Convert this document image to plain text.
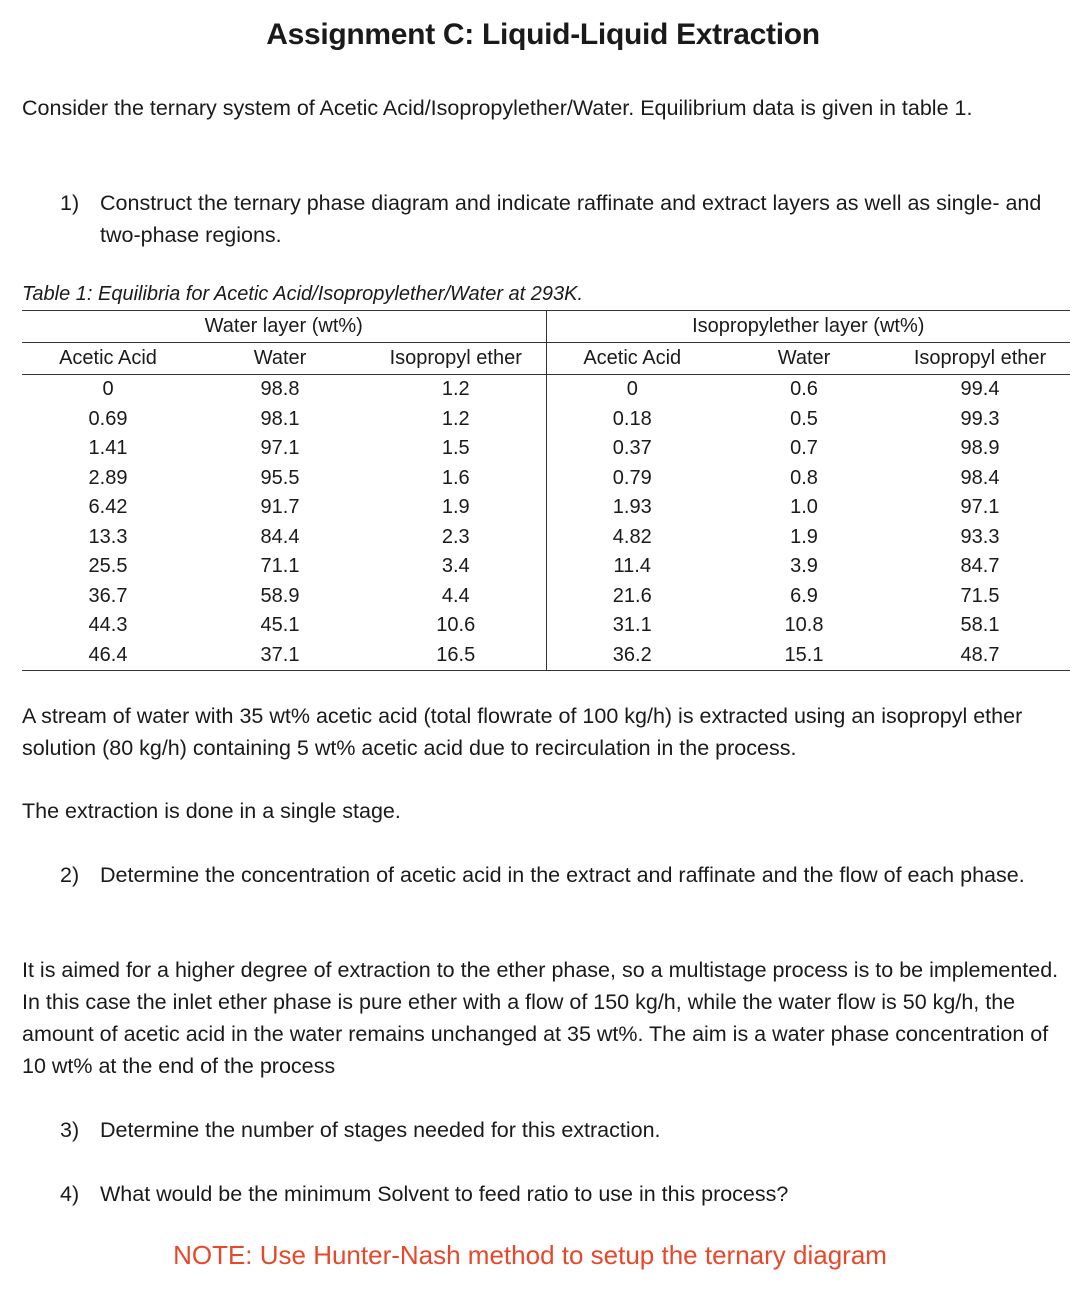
Assignment C: Liquid-Liquid Extraction
Consider the ternary system of Acetic Acid/Isopropylether/Water. Equilibrium data is given in table 1.
1) Construct the ternary phase diagram and indicate raffinate and extract layers as well as single- and two-phase regions.
Table 1: Equilibria for Acetic Acid/Isopropylether/Water at 293K.
Water layer (wt%)			Isopropylether layer (wt%)		
Acetic Acid	Water	Isopropyl ether	Acetic Acid	Water	Isopropyl ether
0	98.8	1.2	0	0.6	99.4
0.69	98.1	1.2	0.18	0.5	99.3
1.41	97.1	1.5	0.37	0.7	98.9
2.89	95.5	1.6	0.79	0.8	98.4
6.42	91.7	1.9	1.93	1.0	97.1
13.3	84.4	2.3	4.82	1.9	93.3
25.5	71.1	3.4	11.4	3.9	84.7
36.7	58.9	4.4	21.6	6.9	71.5
44.3	45.1	10.6	31.1	10.8	58.1
46.4	37.1	16.5	36.2	15.1	48.7
A stream of water with 35 wt% acetic acid (total flowrate of 100 kg/h) is extracted using an isopropyl ether solution (80 kg/h) containing 5 wt% acetic acid due to recirculation in the process.
The extraction is done in a single stage.
2) Determine the concentration of acetic acid in the extract and raffinate and the flow of each phase.
It is aimed for a higher degree of extraction to the ether phase, so a multistage process is to be implemented. In this case the inlet ether phase is pure ether with a flow of 150 kg/h, while the water flow is 50 kg/h, the amount of acetic acid in the water remains unchanged at 35 wt%. The aim is a water phase concentration of 10 wt% at the end of the process
3) Determine the number of stages needed for this extraction.
4) What would be the minimum Solvent to feed ratio to use in this process?
NOTE: Use Hunter-Nash method to setup the ternary diagram
